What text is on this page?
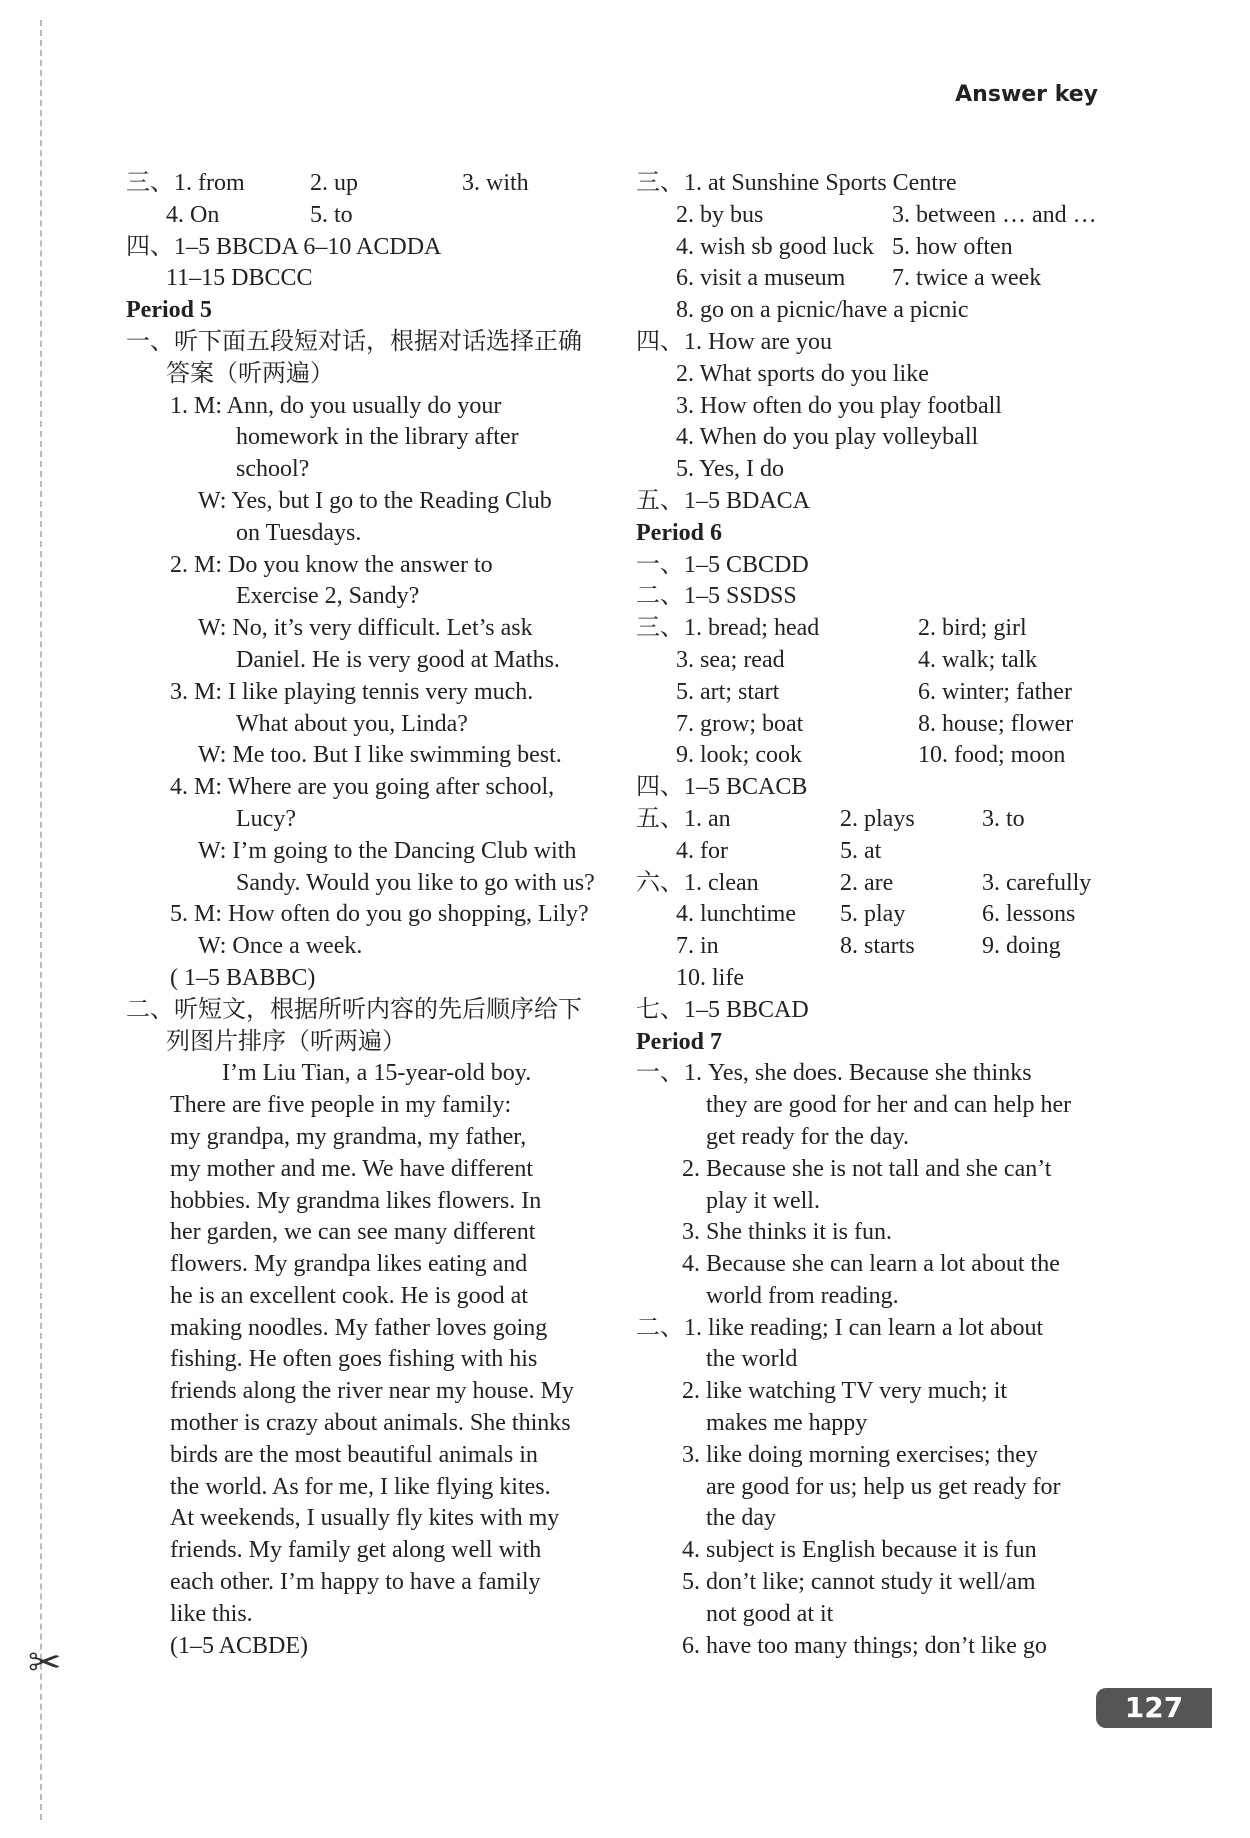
✂
Answer key
三、1. from	2. up	3. with
4. On	5. to
四、1–5 BBCDA 6–10 ACDDA
11–15 DBCCC
Period 5
一、听下面五段短对话，根据对话选择正确
答案（听两遍）
1. M: Ann, do you usually do your
homework in the library after
school?
W: Yes, but I go to the Reading Club
on Tuesdays.
2. M: Do you know the answer to
Exercise 2, Sandy?
W: No, it’s very difficult. Let’s ask
Daniel. He is very good at Maths.
3. M: I like playing tennis very much.
What about you, Linda?
W: Me too. But I like swimming best.
4. M: Where are you going after school,
Lucy?
W: I’m going to the Dancing Club with
Sandy. Would you like to go with us?
5. M: How often do you go shopping, Lily?
W: Once a week.
( 1–5 BABBC)
二、听短文，根据所听内容的先后顺序给下
列图片排序（听两遍）
I’m Liu Tian, a 15-year-old boy.
There are five people in my family:
my grandpa, my grandma, my father,
my mother and me. We have different
hobbies. My grandma likes flowers. In
her garden, we can see many different
flowers. My grandpa likes eating and
he is an excellent cook. He is good at
making noodles. My father loves going
fishing. He often goes fishing with his
friends along the river near my house. My
mother is crazy about animals. She thinks
birds are the most beautiful animals in
the world. As for me, I like flying kites.
At weekends, I usually fly kites with my
friends. My family get along well with
each other. I’m happy to have a family
like this.
(1–5 ACBDE)
三、1. at Sunshine Sports Centre
2. by bus	3. between … and …
4. wish sb good luck 5. how often
6. visit a museum 7. twice a week
8. go on a picnic/have a picnic
四、1. How are you
2. What sports do you like
3. How often do you play football
4. When do you play volleyball
5. Yes, I do
五、1–5 BDACA
Period 6
一、1–5 CBCDD
二、1–5 SSDSS
三、1. bread; head	2. bird; girl
3. sea; read	4. walk; talk
5. art; start	6. winter; father
7. grow; boat	8. house; flower
9. look; cook	10. food; moon
四、1–5 BCACB
五、1. an	2. plays	3. to
4. for	5. at
六、1. clean	2. are	3. carefully
4. lunchtime 5. play	6. lessons
7. in	8. starts	9. doing
10. life
七、1–5 BBCAD
Period 7
一、1. Yes, she does. Because she thinks
they are good for her and can help her
get ready for the day.
2. Because she is not tall and she can’t
play it well.
3. She thinks it is fun.
4. Because she can learn a lot about the
world from reading.
二、1. like reading; I can learn a lot about
the world
2. like watching TV very much; it
makes me happy
3. like doing morning exercises; they
are good for us; help us get ready for
the day
4. subject is English because it is fun
5. don’t like; cannot study it well/am
not good at it
6. have too many things; don’t like go
127
